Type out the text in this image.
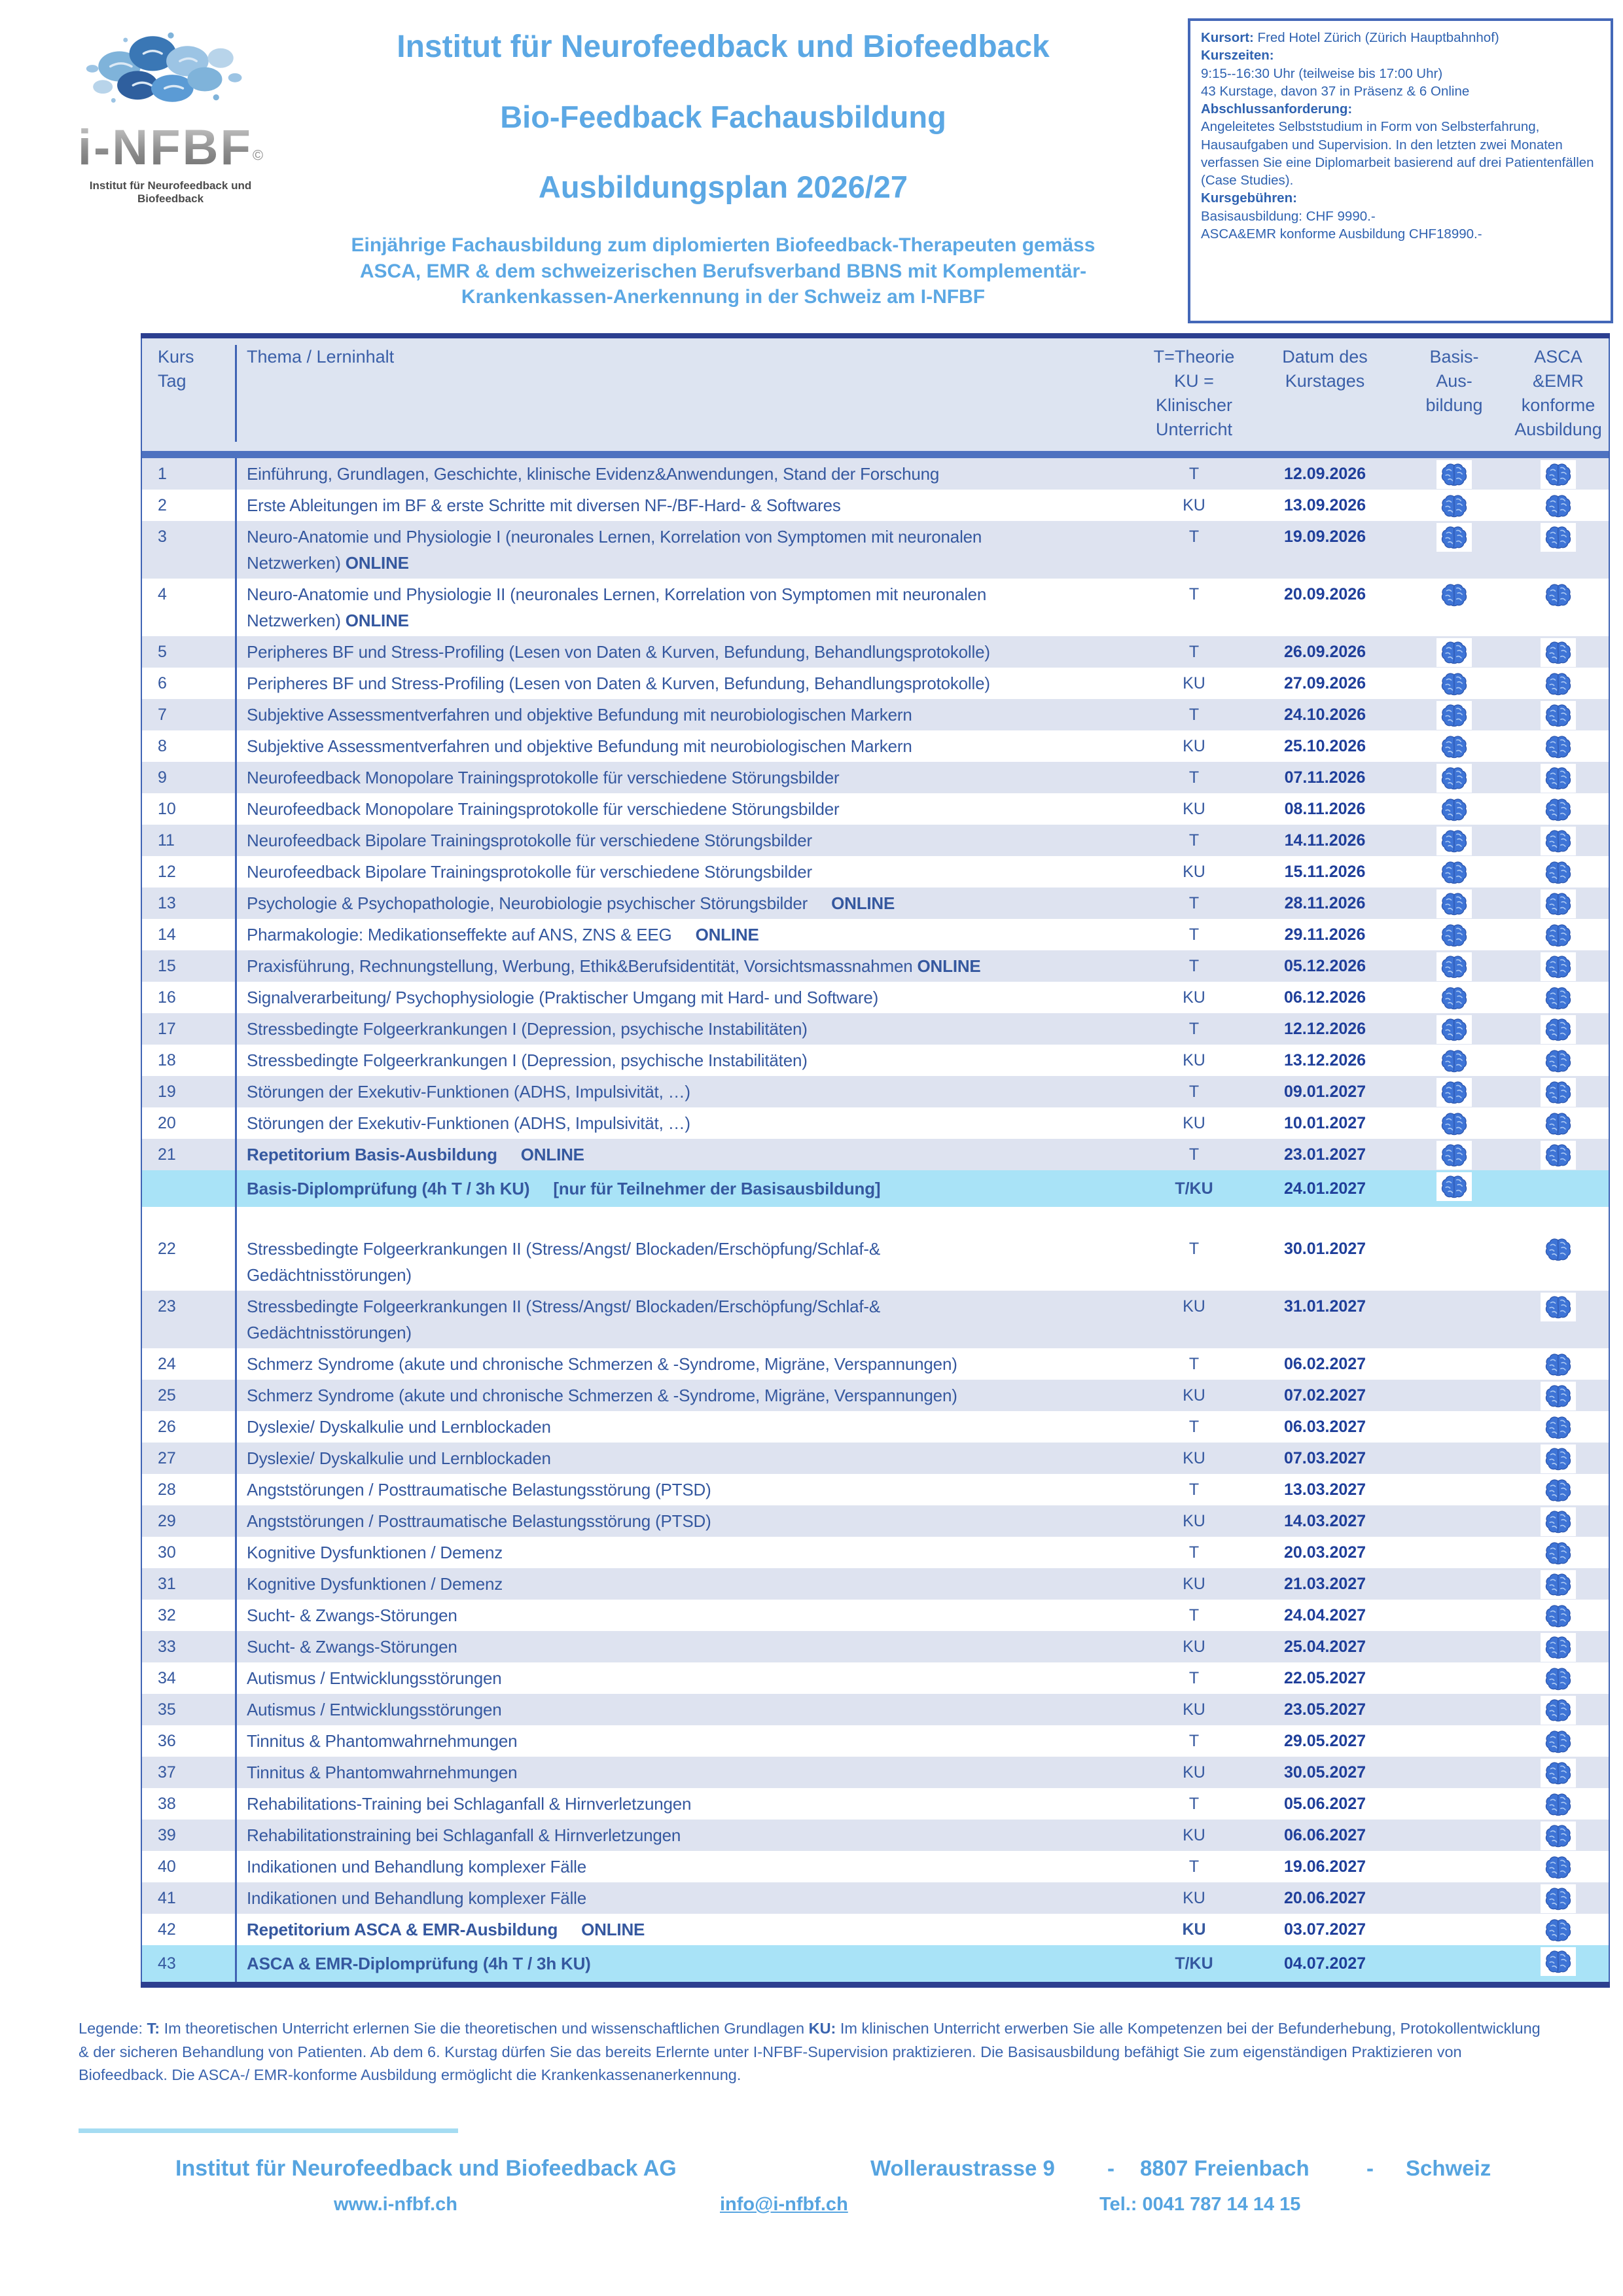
i-NFBF©
Institut für Neurofeedback und Biofeedback
Institut für Neurofeedback und Biofeedback
Bio-Feedback Fachausbildung
Ausbildungsplan 2026/27
Einjährige Fachausbildung zum diplomierten Biofeedback-Therapeuten gemäss
ASCA, EMR & dem schweizerischen Berufsverband BBNS mit Komplementär-
Krankenkassen-Anerkennung in der Schweiz am I-NFBF
Kursort: Fred Hotel Zürich (Zürich Hauptbahnhof)
Kurszeiten:
9:15--16:30 Uhr (teilweise bis 17:00 Uhr)
43 Kurstage, davon 37 in Präsenz & 6 Online
Abschlussanforderung:
Angeleitetes Selbststudium in Form von Selbsterfahrung, Hausaufgaben und Supervision. In den letzten zwei Monaten verfassen Sie eine Diplomarbeit basierend auf drei Patientenfällen (Case Studies).
Kursgebühren:
Basisausbildung: CHF 9990.-
ASCA&EMR konforme Ausbildung CHF18990.-
Kurs
Tag
Thema / Lerninhalt	T=Theorie
KU = Klinischer
Unterricht
Datum des
Kurstages
Basis-
Aus-
bildung
ASCA
&EMR
konforme
Ausbildung
1	Einführung, Grundlagen, Geschichte, klinische Evidenz&Anwendungen, Stand der Forschung	T	12.09.2026
2	Erste Ableitungen im BF & erste Schritte mit diversen NF-/BF-Hard- & Softwares	KU	13.09.2026
3	Neuro-Anatomie und Physiologie I (neuronales Lernen, Korrelation von Symptomen mit neuronalen
Netzwerken) ONLINE
T	19.09.2026
4	Neuro-Anatomie und Physiologie II (neuronales Lernen, Korrelation von Symptomen mit neuronalen
Netzwerken) ONLINE
T	20.09.2026
5	Peripheres BF und Stress-Profiling (Lesen von Daten & Kurven, Befundung, Behandlungsprotokolle)	T	26.09.2026
6	Peripheres BF und Stress-Profiling (Lesen von Daten & Kurven, Befundung, Behandlungsprotokolle)	KU	27.09.2026
7	Subjektive Assessmentverfahren und objektive Befundung mit neurobiologischen Markern	T	24.10.2026
8	Subjektive Assessmentverfahren und objektive Befundung mit neurobiologischen Markern	KU	25.10.2026
9	Neurofeedback Monopolare Trainingsprotokolle für verschiedene Störungsbilder	T	07.11.2026
10	Neurofeedback Monopolare Trainingsprotokolle für verschiedene Störungsbilder	KU	08.11.2026
11	Neurofeedback Bipolare Trainingsprotokolle für verschiedene Störungsbilder	T	14.11.2026
12	Neurofeedback Bipolare Trainingsprotokolle für verschiedene Störungsbilder	KU	15.11.2026
13	Psychologie & Psychopathologie, Neurobiologie psychischer Störungsbilder ONLINE	T	28.11.2026
14	Pharmakologie: Medikationseffekte auf ANS, ZNS & EEG ONLINE	T	29.11.2026
15	Praxisführung, Rechnungstellung, Werbung, Ethik&Berufsidentität, Vorsichtsmassnahmen ONLINE	T	05.12.2026
16	Signalverarbeitung/ Psychophysiologie (Praktischer Umgang mit Hard- und Software)	KU	06.12.2026
17	Stressbedingte Folgeerkrankungen I (Depression, psychische Instabilitäten)	T	12.12.2026
18	Stressbedingte Folgeerkrankungen I (Depression, psychische Instabilitäten)	KU	13.12.2026
19	Störungen der Exekutiv-Funktionen (ADHS, Impulsivität, …)	T	09.01.2027
20	Störungen der Exekutiv-Funktionen (ADHS, Impulsivität, …)	KU	10.01.2027
21	Repetitorium Basis-Ausbildung ONLINE	T	23.01.2027
Basis-Diplomprüfung (4h T / 3h KU) [nur für Teilnehmer der Basisausbildung]	T/KU	24.01.2027
22	Stressbedingte Folgeerkrankungen II (Stress/Angst/ Blockaden/Erschöpfung/Schlaf-&
Gedächtnisstörungen)
T	30.01.2027
23	Stressbedingte Folgeerkrankungen II (Stress/Angst/ Blockaden/Erschöpfung/Schlaf-&
Gedächtnisstörungen)
KU	31.01.2027
24	Schmerz Syndrome (akute und chronische Schmerzen & -Syndrome, Migräne, Verspannungen)	T	06.02.2027
25	Schmerz Syndrome (akute und chronische Schmerzen & -Syndrome, Migräne, Verspannungen)	KU	07.02.2027
26	Dyslexie/ Dyskalkulie und Lernblockaden	T	06.03.2027
27	Dyslexie/ Dyskalkulie und Lernblockaden	KU	07.03.2027
28	Angststörungen / Posttraumatische Belastungsstörung (PTSD)	T	13.03.2027
29	Angststörungen / Posttraumatische Belastungsstörung (PTSD)	KU	14.03.2027
30	Kognitive Dysfunktionen / Demenz	T	20.03.2027
31	Kognitive Dysfunktionen / Demenz	KU	21.03.2027
32	Sucht- & Zwangs-Störungen	T	24.04.2027
33	Sucht- & Zwangs-Störungen	KU	25.04.2027
34	Autismus / Entwicklungsstörungen	T	22.05.2027
35	Autismus / Entwicklungsstörungen	KU	23.05.2027
36	Tinnitus & Phantomwahrnehmungen	T	29.05.2027
37	Tinnitus & Phantomwahrnehmungen	KU	30.05.2027
38	Rehabilitations-Training bei Schlaganfall & Hirnverletzungen	T	05.06.2027
39	Rehabilitationstraining bei Schlaganfall & Hirnverletzungen	KU	06.06.2027
40	Indikationen und Behandlung komplexer Fälle	T	19.06.2027
41	Indikationen und Behandlung komplexer Fälle	KU	20.06.2027
42	Repetitorium ASCA & EMR-Ausbildung ONLINE	KU	03.07.2027
43	ASCA & EMR-Diplomprüfung (4h T / 3h KU)	T/KU	04.07.2027
Legende: T: Im theoretischen Unterricht erlernen Sie die theoretischen und wissenschaftlichen Grundlagen KU: Im klinischen Unterricht erwerben Sie alle Kompetenzen bei der Befunderhebung, Protokollentwicklung & der sicheren Behandlung von Patienten. Ab dem 6. Kurstag dürfen Sie das bereits Erlernte unter I-NFBF-Supervision praktizieren. Die Basisausbildung befähigt Sie zum eigenständigen Praktizieren von Biofeedback. Die ASCA-/ EMR-konforme Ausbildung ermöglicht die Krankenkassenanerkennung.
Institut für Neurofeedback und Biofeedback AG	Wolleraustrasse 9 - 8807 Freienbach	- Schweiz
www.i-nfbf.ch	info@i-nfbf.ch	Tel.: 0041 787 14 14 15
